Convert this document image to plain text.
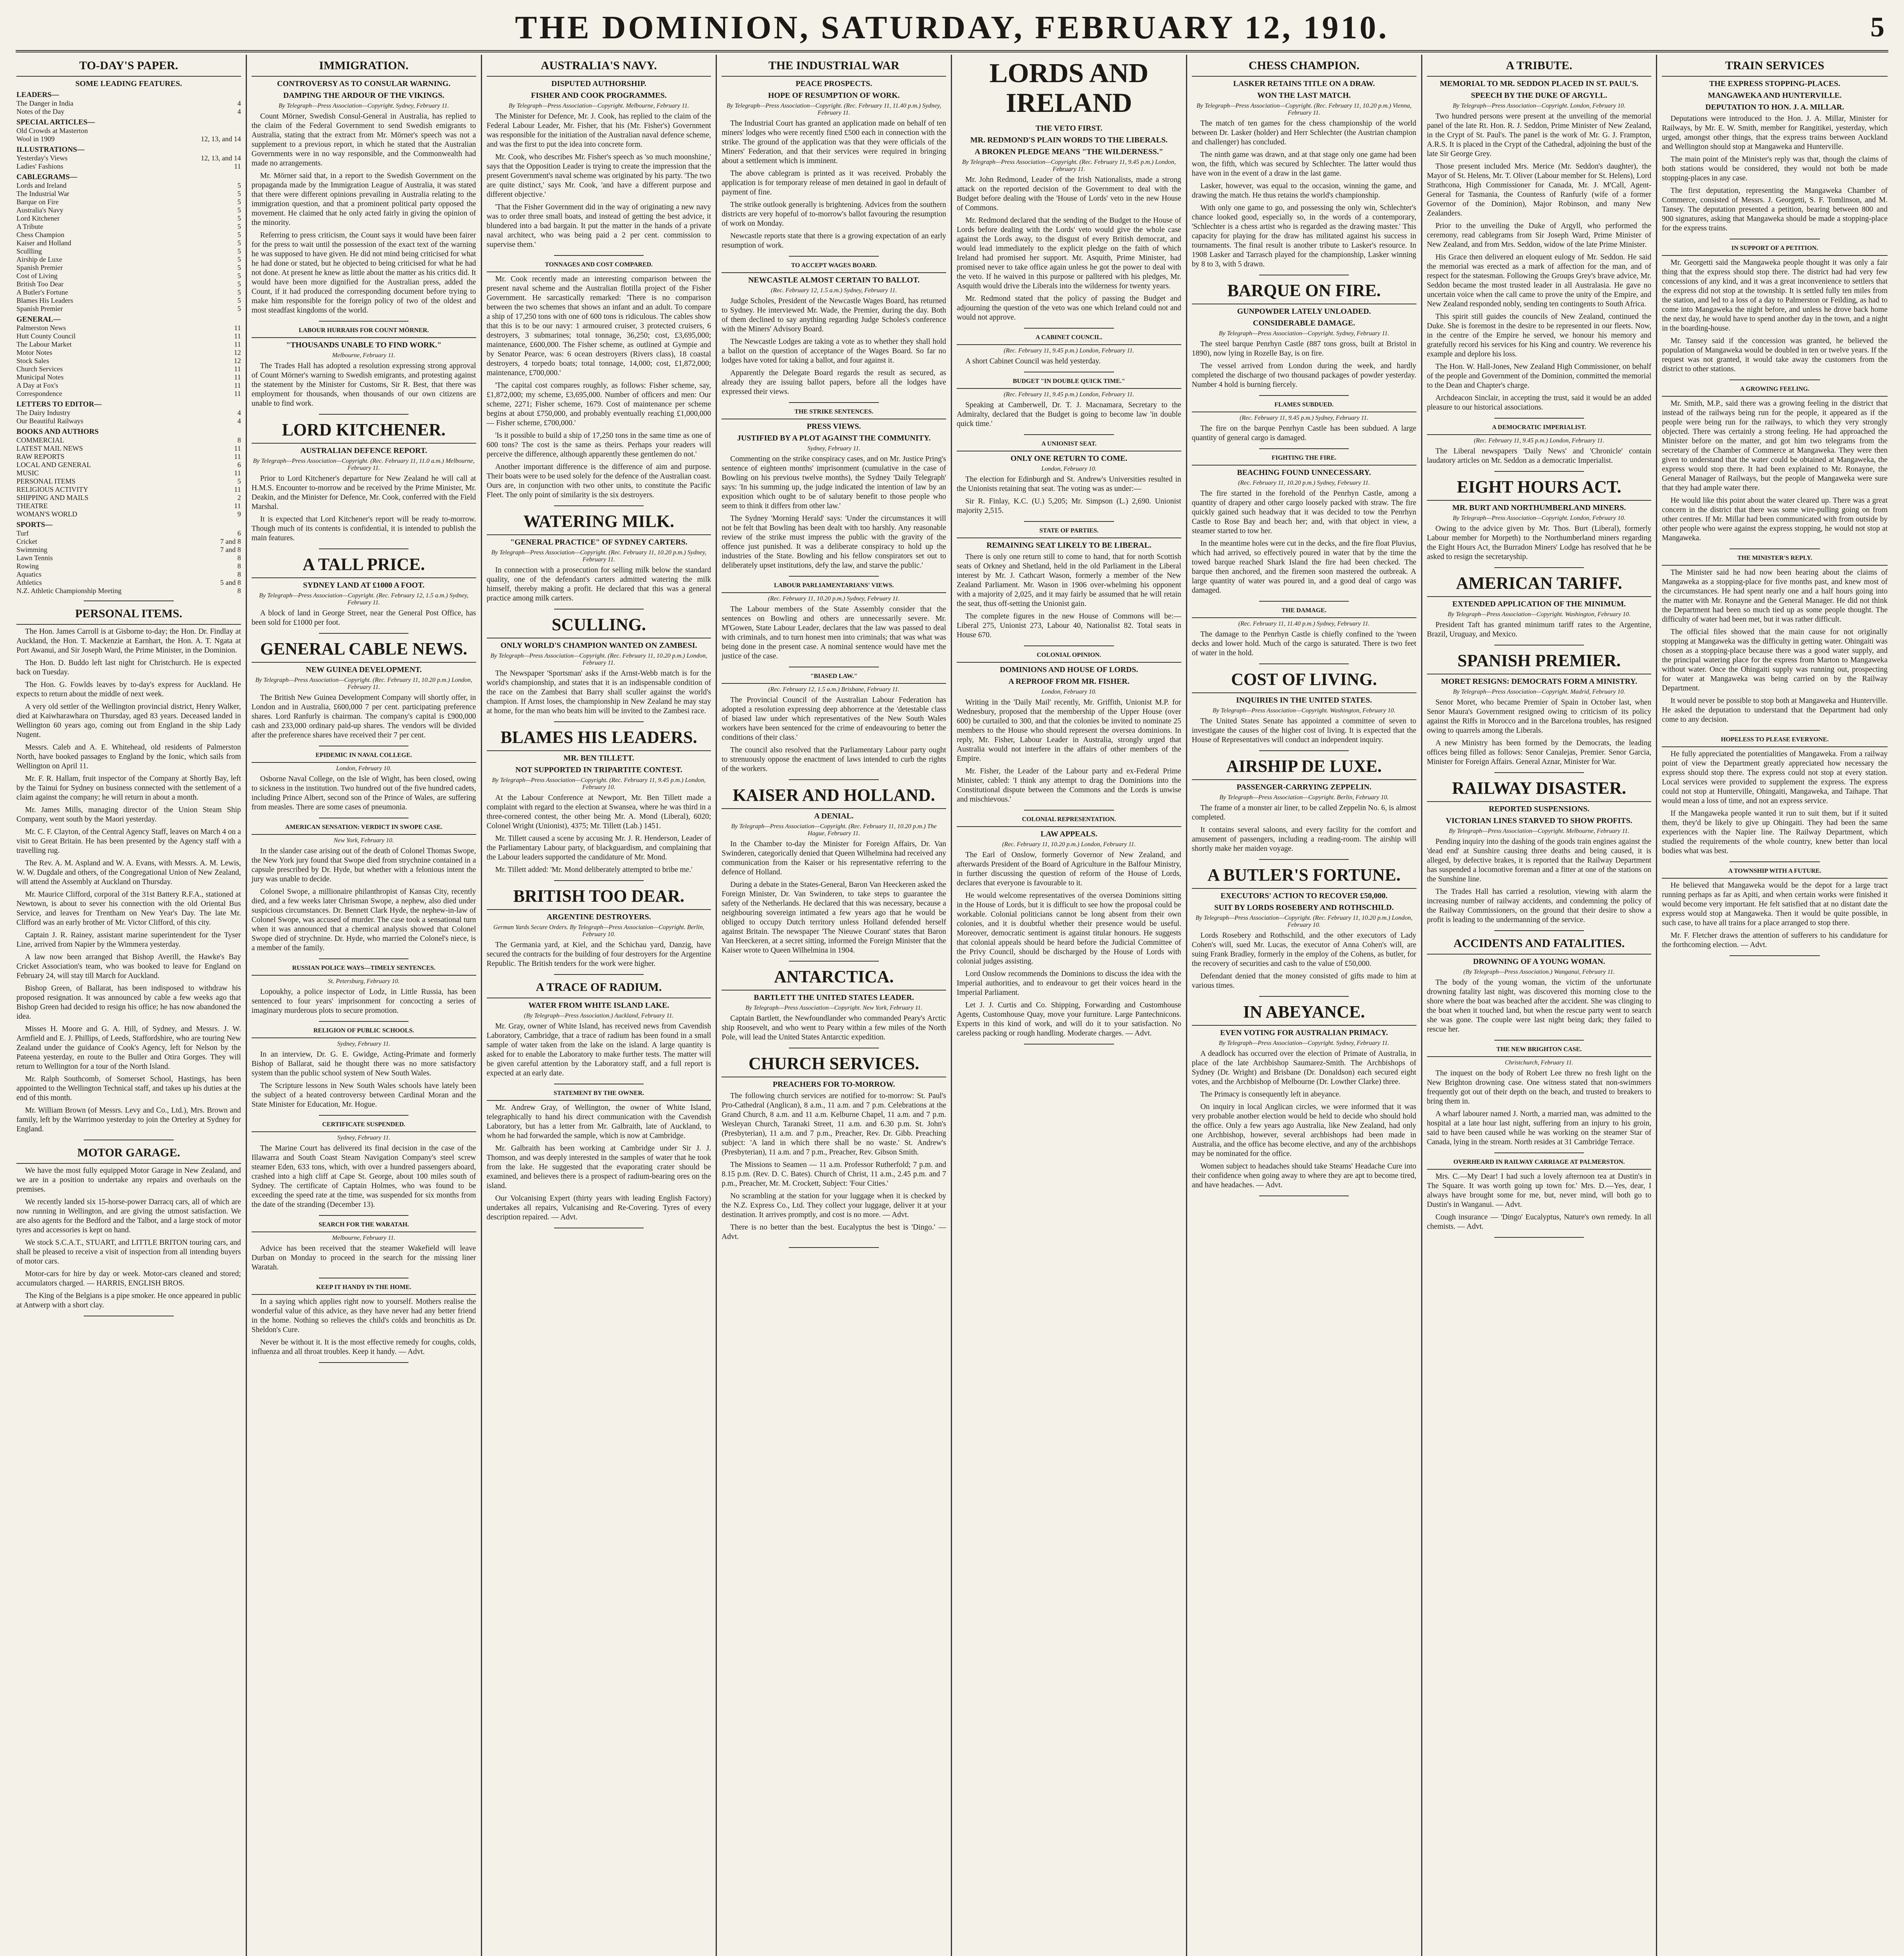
THE DOMINION, SATURDAY, FEBRUARY 12, 1910.	5
TO-DAY'S PAPER.
SOME LEADING FEATURES.
LEADERS—
The Danger in India	4
Notes of the Day	4
SPECIAL ARTICLES—
Old Crowds at Masterton
Wool in 1909	12, 13, and 14
ILLUSTRATIONS—
Yesterday's Views	12, 13, and 14
Ladies' Fashions	11
CABLEGRAMS—
Lords and Ireland	5
The Industrial War	5
Barque on Fire	5
Australia's Navy	5
Lord Kitchener	5
A Tribute	5
Chess Champion	5
Kaiser and Holland	5
Scullling	5
Airship de Luxe	5
Spanish Premier	5
Cost of Living	5
British Too Dear	5
A Butler's Fortune	5
Blames His Leaders	5
Spanish Premier	5
GENERAL—
Palmerston News	11
Hutt County Council	11
The Labour Market	11
Motor Notes	12
Stock Sales	12
Church Services	11
Municipal Notes	11
A Day at Fox's	11
Correspondence	11
LETTERS TO EDITOR—
The Dairy Industry	4
Our Beautiful Railways	4
BOOKS AND AUTHORS
COMMERCIAL	8
LATEST MAIL NEWS	11
RAW REPORTS	11
LOCAL AND GENERAL	6
MUSIC	11
PERSONAL ITEMS	5
RELIGIOUS ACTIVITY	11
SHIPPING AND MAILS	2
THEATRE	11
WOMAN'S WORLD	9
SPORTS—
Turf	6
Cricket	7 and 8
Swimming	7 and 8
Lawn Tennis	8
Rowing	8
Aquatics	8
Athletics	5 and 8
N.Z. Athletic Championship Meeting	8
PERSONAL ITEMS.

The Hon. James Carroll is at Gisborne to-day; the Hon. Dr. Findlay at Auckland, the Hon. T. Mackenzie at Earnhart, the Hon. A. T. Ngata at Port Awanui, and Sir Joseph Ward, the Prime Minister, in the Dominion.

The Hon. D. Buddo left last night for Christchurch. He is expected back on Tuesday.

The Hon. G. Fowlds leaves by to-day's express for Auckland. He expects to return about the middle of next week.

A very old settler of the Wellington provincial district, Henry Walker, died at Kaiwharawhara on Thursday, aged 83 years. Deceased landed in Wellington 60 years ago, coming out from England in the ship Lady Nugent.

Messrs. Caleb and A. E. Whitehead, old residents of Palmerston North, have booked passages to England by the Ionic, which sails from Wellington on April 11.

Mr. F. R. Hallam, fruit inspector of the Company at Shortly Bay, left by the Tainui for Sydney on business connected with the settlement of a claim against the company; he will return in about a month.

Mr. James Mills, managing director of the Union Steam Ship Company, went south by the Maori yesterday.

Mr. C. F. Clayton, of the Central Agency Staff, leaves on March 4 on a visit to Great Britain. He has been presented by the Agency staff with a travelling rug.

The Rev. A. M. Aspland and W. A. Evans, with Messrs. A. M. Lewis, W. W. Dugdale and others, of the Congregational Union of New Zealand, will attend the Assembly at Auckland on Thursday.

Mr. Maurice Clifford, corporal of the 31st Battery R.F.A., stationed at Newtown, is about to sever his connection with the old Oriental Bus Service, and leaves for Trentham on New Year's Day. The late Mr. Clifford was an early brother of Mr. Victor Clifford, of this city.

Captain J. R. Rainey, assistant marine superintendent for the Tyser Line, arrived from Napier by the Wimmera yesterday.

A law now been arranged that Bishop Averill, the Hawke's Bay Cricket Association's team, who was booked to leave for England on February 24, will stay till March for Auckland.

Bishop Green, of Ballarat, has been indisposed to withdraw his proposed resignation. It was announced by cable a few weeks ago that Bishop Green had decided to resign his office; he has now abandoned the idea.

Misses H. Moore and G. A. Hill, of Sydney, and Messrs. J. W. Armfield and E. J. Phillips, of Leeds, Staffordshire, who are touring New Zealand under the guidance of Cook's Agency, left for Nelson by the Pateena yesterday, en route to the Buller and Otira Gorges. They will return to Wellington for a tour of the North Island.

Mr. Ralph Southcomb, of Somerset School, Hastings, has been appointed to the Wellington Technical staff, and takes up his duties at the end of this month.

Mr. William Brown (of Messrs. Levy and Co., Ltd.), Mrs. Brown and family, left by the Warrimoo yesterday to join the Orterley at Sydney for England.

MOTOR GARAGE.

We have the most fully equipped Motor Garage in New Zealand, and we are in a position to undertake any repairs and overhauls on the premises.

We recently landed six 15-horse-power Darracq cars, all of which are now running in Wellington, and are giving the utmost satisfaction. We are also agents for the Bedford and the Talbot, and a large stock of motor tyres and accessories is kept on hand.

We stock S.C.A.T., STUART, and LITTLE BRITON touring cars, and shall be pleased to receive a visit of inspection from all intending buyers of motor cars.

Motor-cars for hire by day or week. Motor-cars cleaned and stored; accumulators charged. — HARRIS, ENGLISH BROS.

The King of the Belgians is a pipe smoker. He once appeared in public at Antwerp with a short clay.

IMMIGRATION.
CONTROVERSY AS TO CONSULAR WARNING.
DAMPING THE ARDOUR OF THE VIKINGS.
By Telegraph—Press Association—Copyright. Sydney, February 11.

Count Mörner, Swedish Consul-General in Australia, has replied to the claim of the Federal Government to send Swedish emigrants to Australia, stating that the extract from Mr. Mörner's speech was not a supplement to a previous report, in which he stated that the Australian Governments were in no way responsible, and the Commonwealth had made no arrangements.

Mr. Mörner said that, in a report to the Swedish Government on the propaganda made by the Immigration League of Australia, it was stated that there were different opinions prevailing in Australia relating to the immigration question, and that a prominent political party opposed the movement. He claimed that he only acted fairly in giving the opinion of the minority.

Referring to press criticism, the Count says it would have been fairer for the press to wait until the possession of the exact text of the warning he was supposed to have given. He did not mind being criticised for what he had done or stated, but he objected to being criticised for what he had not done. At present he knew as little about the matter as his critics did. It would have been more dignified for the Australian press, added the Count, if it had produced the corresponding document before trying to make him responsible for the foreign policy of two of the oldest and most steadfast kingdoms of the world.

LABOUR HURRAHS FOR COUNT MÖRNER.
"THOUSANDS UNABLE TO FIND WORK."
Melbourne, February 11.

The Trades Hall has adopted a resolution expressing strong approval of Count Mörner's warning to Swedish emigrants, and protesting against the statement by the Minister for Customs, Sir R. Best, that there was employment for thousands, when thousands of our own citizens are unable to find work.

LORD KITCHENER.
AUSTRALIAN DEFENCE REPORT.
By Telegraph—Press Association—Copyright. (Rec. February 11, 11.0 a.m.) Melbourne, February 11.

Prior to Lord Kitchener's departure for New Zealand he will call at H.M.S. Encounter to-morrow and be received by the Prime Minister, Mr. Deakin, and the Minister for Defence, Mr. Cook, conferred with the Field Marshal.

It is expected that Lord Kitchener's report will be ready to-morrow. Though much of its contents is confidential, it is intended to publish the main features.

A TALL PRICE.
SYDNEY LAND AT £1000 A FOOT.
By Telegraph—Press Association—Copyright. (Rec. February 12, 1.5 a.m.) Sydney, February 11.

A block of land in George Street, near the General Post Office, has been sold for £1000 per foot.

GENERAL CABLE NEWS.
NEW GUINEA DEVELOPMENT.
By Telegraph—Press Association—Copyright. (Rec. February 11, 10.20 p.m.) London, February 11.

The British New Guinea Development Company will shortly offer, in London and in Australia, £600,000 7 per cent. participating preference shares. Lord Ranfurly is chairman. The company's capital is £900,000 cash and 233,000 ordinary paid-up shares. The vendors will be divided after the preference shares have received their 7 per cent.

EPIDEMIC IN NAVAL COLLEGE.
London, February 10.

Osborne Naval College, on the Isle of Wight, has been closed, owing to sickness in the institution. Two hundred out of the five hundred cadets, including Prince Albert, second son of the Prince of Wales, are suffering from measles. There are some cases of pneumonia.

AMERICAN SENSATION: VERDICT IN SWOPE CASE.
New York, February 10.

In the slander case arising out of the death of Colonel Thomas Swope, the New York jury found that Swope died from strychnine contained in a capsule prescribed by Dr. Hyde, but whether with a felonious intent the jury was unable to decide.

Colonel Swope, a millionaire philanthropist of Kansas City, recently died, and a few weeks later Chrisman Swope, a nephew, also died under suspicious circumstances. Dr. Bennett Clark Hyde, the nephew-in-law of Colonel Swope, was accused of murder. The case took a sensational turn when it was announced that a chemical analysis showed that Colonel Swope died of strychnine. Dr. Hyde, who married the Colonel's niece, is a member of the family.

RUSSIAN POLICE WAYS—TIMELY SENTENCES.
St. Petersburg, February 10.

Lopoukhy, a police inspector of Lodz, in Little Russia, has been sentenced to four years' imprisonment for concocting a series of imaginary murderous plots to secure promotion.

RELIGION OF PUBLIC SCHOOLS.
Sydney, February 11.

In an interview, Dr. G. E. Gwidge, Acting-Primate and formerly Bishop of Ballarat, said he thought there was no more satisfactory system than the public school system of New South Wales.

The Scripture lessons in New South Wales schools have lately been the subject of a heated controversy between Cardinal Moran and the State Minister for Education, Mr. Hogue.

CERTIFICATE SUSPENDED.
Sydney, February 11.

The Marine Court has delivered its final decision in the case of the Illawarra and South Coast Steam Navigation Company's steel screw steamer Eden, 633 tons, which, with over a hundred passengers aboard, crashed into a high cliff at Cape St. George, about 100 miles south of Sydney. The certificate of Captain Holmes, who was found to be exceeding the speed rate at the time, was suspended for six months from the date of the stranding (December 13).

SEARCH FOR THE WARATAH.
Melbourne, February 11.

Advice has been received that the steamer Wakefield will leave Durban on Monday to proceed in the search for the missing liner Waratah.

KEEP IT HANDY IN THE HOME.

In a saying which applies right now to yourself. Mothers realise the wonderful value of this advice, as they have never had any better friend in the home. Nothing so relieves the child's colds and bronchitis as Dr. Sheldon's Cure.

Never be without it. It is the most effective remedy for coughs, colds, influenza and all throat troubles. Keep it handy. — Advt.

AUSTRALIA'S NAVY.
DISPUTED AUTHORSHIP.
FISHER AND COOK PROGRAMMES.
By Telegraph—Press Association—Copyright. Melbourne, February 11.

The Minister for Defence, Mr. J. Cook, has replied to the claim of the Federal Labour Leader, Mr. Fisher, that his (Mr. Fisher's) Government was responsible for the initiation of the Australian naval defence scheme, and was the first to put the idea into concrete form.

Mr. Cook, who describes Mr. Fisher's speech as 'so much moonshine,' says that the Opposition Leader is trying to create the impression that the present Government's naval scheme was originated by his party. 'The two are quite distinct,' says Mr. Cook, 'and have a different purpose and different objective.'

'That the Fisher Government did in the way of originating a new navy was to order three small boats, and instead of getting the best advice, it blundered into a bad bargain. It put the matter in the hands of a private naval architect, who was being paid a 2 per cent. commission to supervise them.'

TONNAGES AND COST COMPARED.

Mr. Cook recently made an interesting comparison between the present naval scheme and the Australian flotilla project of the Fisher Government. He sarcastically remarked: 'There is no comparison between the two schemes that shows an infant and an adult. To compare a ship of 17,250 tons with one of 600 tons is ridiculous. The cables show that this is to be our navy: 1 armoured cruiser, 3 protected cruisers, 6 destroyers, 3 submarines; total tonnage, 36,250; cost, £3,695,000; maintenance, £600,000. The Fisher scheme, as outlined at Gympie and by Senator Pearce, was: 6 ocean destroyers (Rivers class), 18 coastal destroyers, 4 torpedo boats; total tonnage, 14,000; cost, £1,872,000; maintenance, £700,000.'

'The capital cost compares roughly, as follows: Fisher scheme, say, £1,872,000; my scheme, £3,695,000. Number of officers and men: Our scheme, 2271; Fisher scheme, 1679. Cost of maintenance per scheme begins at about £750,000, and probably eventually reaching £1,000,000 — Fisher scheme, £700,000.'

'Is it possible to build a ship of 17,250 tons in the same time as one of 600 tons? The cost is the same as theirs. Perhaps your readers will perceive the difference, although apparently these gentlemen do not.'

Another important difference is the difference of aim and purpose. Their boats were to be used solely for the defence of the Australian coast. Ours are, in conjunction with two other units, to constitute the Pacific Fleet. The only point of similarity is the six destroyers.

WATERING MILK.
"GENERAL PRACTICE" OF SYDNEY CARTERS.
By Telegraph—Press Association—Copyright. (Rec. February 11, 10.20 p.m.) Sydney, February 11.

In connection with a prosecution for selling milk below the standard quality, one of the defendant's carters admitted watering the milk himself, thereby making a profit. He declared that this was a general practice among milk carters.

SCULLING.
ONLY WORLD'S CHAMPION WANTED ON ZAMBESI.
By Telegraph—Press Association—Copyright. (Rec. February 11, 10.20 p.m.) London, February 11.

The Newspaper 'Sportsman' asks if the Arnst-Webb match is for the world's championship, and states that it is an indispensable condition of the race on the Zambesi that Barry shall sculler against the world's champion. If Arnst loses, the championship in New Zealand he may stay at home, for the man who beats him will be invited to the Zambesi race.

BLAMES HIS LEADERS.
MR. BEN TILLETT.
NOT SUPPORTED IN TRIPARTITE CONTEST.
By Telegraph—Press Association—Copyright. (Rec. February 11, 9.45 p.m.) London, February 10.

At the Labour Conference at Newport, Mr. Ben Tillett made a complaint with regard to the election at Swansea, where he was third in a three-cornered contest, the other being Mr. A. Mond (Liberal), 6020; Colonel Wright (Unionist), 4375; Mr. Tillett (Lab.) 1451.

Mr. Tillett caused a scene by accusing Mr. J. R. Henderson, Leader of the Parliamentary Labour party, of blackguardism, and complaining that the Labour leaders supported the candidature of Mr. Mond.

Mr. Tillett added: 'Mr. Mond deliberately attempted to bribe me.'

BRITISH TOO DEAR.
ARGENTINE DESTROYERS.
German Yards Secure Orders. By Telegraph—Press Association—Copyright. Berlin, February 10.

The Germania yard, at Kiel, and the Schichau yard, Danzig, have secured the contracts for the building of four destroyers for the Argentine Republic. The British tenders for the work were higher.

A TRACE OF RADIUM.
WATER FROM WHITE ISLAND LAKE.
(By Telegraph—Press Association.) Auckland, February 11.

Mr. Gray, owner of White Island, has received news from Cavendish Laboratory, Cambridge, that a trace of radium has been found in a small sample of water taken from the lake on the island. A large quantity is asked for to enable the Laboratory to make further tests. The matter will be given careful attention by the Laboratory staff, and a full report is expected at an early date.

STATEMENT BY THE OWNER.

Mr. Andrew Gray, of Wellington, the owner of White Island, telegraphically to hand his direct communication with the Cavendish Laboratory, but has a letter from Mr. Galbraith, late of Auckland, to whom he had forwarded the sample, which is now at Cambridge.

Mr. Galbraith has been working at Cambridge under Sir J. J. Thomson, and was deeply interested in the samples of water that he took from the lake. He suggested that the evaporating crater should be examined, and believes there is a prospect of radium-bearing ores on the island.

Our Volcanising Expert (thirty years with leading English Factory) undertakes all repairs, Vulcanising and Re-Covering. Tyres of every description repaired. — Advt.

THE INDUSTRIAL WAR
PEACE PROSPECTS.
HOPE OF RESUMPTION OF WORK.
By Telegraph—Press Association—Copyright. (Rec. February 11, 11.40 p.m.) Sydney, February 11.

The Industrial Court has granted an application made on behalf of ten miners' lodges who were recently fined £500 each in connection with the strike. The ground of the application was that they were officials of the Miners' Federation, and that their services were required in bringing about a settlement which is imminent.

The above cablegram is printed as it was received. Probably the application is for temporary release of men detained in gaol in default of payment of fine.

The strike outlook generally is brightening. Advices from the southern districts are very hopeful of to-morrow's ballot favouring the resumption of work on Monday.

Newcastle reports state that there is a growing expectation of an early resumption of work.

TO ACCEPT WAGES BOARD.
NEWCASTLE ALMOST CERTAIN TO BALLOT.
(Rec. February 12, 1.5 a.m.) Sydney, February 11.

Judge Scholes, President of the Newcastle Wages Board, has returned to Sydney. He interviewed Mr. Wade, the Premier, during the day. Both of them declined to say anything regarding Judge Scholes's conference with the Miners' Advisory Board.

The Newcastle Lodges are taking a vote as to whether they shall hold a ballot on the question of acceptance of the Wages Board. So far no lodges have voted for taking a ballot, and four against it.

Apparently the Delegate Board regards the result as secured, as already they are issuing ballot papers, before all the lodges have expressed their views.

THE STRIKE SENTENCES.
PRESS VIEWS.
JUSTIFIED BY A PLOT AGAINST THE COMMUNITY.
Sydney, February 11.

Commenting on the strike conspiracy cases, and on Mr. Justice Pring's sentence of eighteen months' imprisonment (cumulative in the case of Bowling on his previous twelve months), the Sydney 'Daily Telegraph' says: 'In his summing up, the judge indicated the intention of law by an exposition which ought to be of salutary benefit to those people who seem to think it differs from other law.'

The Sydney 'Morning Herald' says: 'Under the circumstances it will not be felt that Bowling has been dealt with too harshly. Any reasonable review of the strike must impress the public with the gravity of the offence just punished. It was a deliberate conspiracy to hold up the industries of the State. Bowling and his fellow conspirators set out to deliberately upset institutions, defy the law, and starve the public.'

LABOUR PARLIAMENTARIANS' VIEWS.
(Rec. February 11, 10.20 p.m.) Sydney, February 11.

The Labour members of the State Assembly consider that the sentences on Bowling and others are unnecessarily severe. Mr. M'Gowen, State Labour Leader, declares that the law was passed to deal with criminals, and to turn honest men into criminals; that was what was being done in the present case. A nominal sentence would have met the justice of the case.

"BIASED LAW."
(Rec. February 12, 1.5 a.m.) Brisbane, February 11.

The Provincial Council of the Australian Labour Federation has adopted a resolution expressing deep abhorrence at the 'detestable class of biased law under which representatives of the New South Wales workers have been sentenced for the crime of endeavouring to better the conditions of their class.'

The council also resolved that the Parliamentary Labour party ought to strenuously oppose the enactment of laws intended to curb the rights of the workers.

KAISER AND HOLLAND.
A DENIAL.
By Telegraph—Press Association—Copyright. (Rec. February 11, 10.20 p.m.) The Hague, February 11.

In the Chamber to-day the Minister for Foreign Affairs, Dr. Van Swinderen, categorically denied that Queen Wilhelmina had received any communication from the Kaiser or his representative referring to the defence of Holland.

During a debate in the States-General, Baron Van Heeckeren asked the Foreign Minister, Dr. Van Swinderen, to take steps to guarantee the safety of the Netherlands. He declared that this was necessary, because a neighbouring sovereign intimated a few years ago that he would be obliged to occupy Dutch territory unless Holland defended herself against Britain. The newspaper 'The Nieuwe Courant' states that Baron Van Heeckeren, at a secret sitting, informed the Foreign Minister that the Kaiser wrote to Queen Wilhelmina in 1904.

ANTARCTICA.
BARTLETT THE UNITED STATES LEADER.
By Telegraph—Press Association—Copyright. New York, February 11.

Captain Bartlett, the Newfoundlander who commanded Peary's Arctic ship Roosevelt, and who went to Peary within a few miles of the North Pole, will lead the United States Antarctic expedition.

CHURCH SERVICES.
PREACHERS FOR TO-MORROW.

The following church services are notified for to-morrow: St. Paul's Pro-Cathedral (Anglican), 8 a.m., 11 a.m. and 7 p.m. Celebrations at the Grand Church, 8 a.m. and 11 a.m. Kelburne Chapel, 11 a.m. and 7 p.m. Wesleyan Church, Taranaki Street, 11 a.m. and 6.30 p.m. St. John's (Presbyterian), 11 a.m. and 7 p.m., Preacher, Rev. Dr. Gibb. Preaching subject: 'A land in which there shall be no waste.' St. Andrew's (Presbyterian), 11 a.m. and 7 p.m., Preacher, Rev. Gibson Smith.

The Missions to Seamen — 11 a.m. Professor Rutherfold; 7 p.m. and 8.15 p.m. (Rev. D. C. Bates). Church of Christ, 11 a.m., 2.45 p.m. and 7 p.m., Preacher, Mr. M. Crockett, Subject: 'Four Cities.'

No scrambling at the station for your luggage when it is checked by the N.Z. Express Co., Ltd. They collect your luggage, deliver it at your destination. It arrives promptly, and cost is no more. — Advt.

There is no better than the best. Eucalyptus the best is 'Dingo.' — Advt.

LORDS AND IRELAND
THE VETO FIRST.
MR. REDMOND'S PLAIN WORDS TO THE LIBERALS.
A BROKEN PLEDGE MEANS "THE WILDERNESS."
By Telegraph—Press Association—Copyright. (Rec. February 11, 9.45 p.m.) London, February 11.

Mr. John Redmond, Leader of the Irish Nationalists, made a strong attack on the reported decision of the Government to deal with the Budget before dealing with the 'House of Lords' veto in the new House of Commons.

Mr. Redmond declared that the sending of the Budget to the House of Lords before dealing with the Lords' veto would give the whole case against the Lords away, to the disgust of every British democrat, and would lead immediately to the explicit pledge on the faith of which Ireland had promised her support. Mr. Asquith, Prime Minister, had promised never to take office again unless he got the power to deal with the veto. If he waived in this purpose or palltered with his pledges, Mr. Asquith would drive the Liberals into the wilderness for twenty years.

Mr. Redmond stated that the policy of passing the Budget and adjourning the question of the veto was one which Ireland could not and would not approve.

A CABINET COUNCIL.
(Rec. February 11, 9.45 p.m.) London, February 11.

A short Cabinet Council was held yesterday.

BUDGET "IN DOUBLE QUICK TIME."
(Rec. February 11, 9.45 p.m.) London, February 11.

Speaking at Camberwell, Dr. T. J. Macnamara, Secretary to the Admiralty, declared that the Budget is going to become law 'in double quick time.'

A UNIONIST SEAT.
ONLY ONE RETURN TO COME.
London, February 10.

The election for Edinburgh and St. Andrew's Universities resulted in the Unionists retaining that seat. The voting was as under:—

Sir R. Finlay, K.C. (U.) 5,205; Mr. Simpson (L.) 2,690. Unionist majority 2,515.

STATE OF PARTIES.
REMAINING SEAT LIKELY TO BE LIBERAL.

There is only one return still to come to hand, that for north Scottish seats of Orkney and Shetland, held in the old Parliament in the Liberal interest by Mr. J. Cathcart Wason, formerly a member of the New Zealand Parliament. Mr. Wason in 1906 over-whelming his opponent with a majority of 2,025, and it may fairly be assumed that he will retain the seat, thus off-setting the Unionist gain.

The complete figures in the new House of Commons will be:— Liberal 275, Unionist 273, Labour 40, Nationalist 82. Total seats in House 670.

COLONIAL OPINION.
DOMINIONS AND HOUSE OF LORDS.
A REPROOF FROM MR. FISHER.
London, February 10.

Writing in the 'Daily Mail' recently, Mr. Griffith, Unionist M.P. for Wednesbury, proposed that the membership of the Upper House (over 600) be curtailed to 300, and that the colonies be invited to nominate 25 members to the House who should represent the oversea dominions. In reply, Mr. Fisher, Labour Leader in Australia, strongly urged that Australia would not interfere in the affairs of other members of the Empire.

Mr. Fisher, the Leader of the Labour party and ex-Federal Prime Minister, cabled: 'I think any attempt to drag the Dominions into the Constitutional dispute between the Commons and the Lords is unwise and mischievous.'

COLONIAL REPRESENTATION.
LAW APPEALS.
(Rec. February 11, 10.20 p.m.) London, February 11.

The Earl of Onslow, formerly Governor of New Zealand, and afterwards President of the Board of Agriculture in the Balfour Ministry, in further discussing the question of reform of the House of Lords, declares that everyone is favourable to it.

He would welcome representatives of the oversea Dominions sitting in the House of Lords, but it is difficult to see how the proposal could be workable. Colonial politicians cannot be long absent from their own colonies, and it is doubtful whether their presence would be useful. Moreover, democratic sentiment is against titular honours. He suggests that colonial appeals should be heard before the Judicial Committee of the Privy Council, should be discharged by the House of Lords with colonial judges assisting.

Lord Onslow recommends the Dominions to discuss the idea with the Imperial authorities, and to endeavour to get their voices heard in the Imperial Parliament.

Let J. J. Curtis and Co. Shipping, Forwarding and Customhouse Agents, Customhouse Quay, move your furniture. Large Pantechnicons. Experts in this kind of work, and will do it to your satisfaction. No careless packing or rough handling. Moderate charges. — Advt.

CHESS CHAMPION.
LASKER RETAINS TITLE ON A DRAW.
WON THE LAST MATCH.
By Telegraph—Press Association—Copyright. (Rec. February 11, 10.20 p.m.) Vienna, February 11.

The match of ten games for the chess championship of the world between Dr. Lasker (holder) and Herr Schlechter (the Austrian champion and challenger) has concluded.

The ninth game was drawn, and at that stage only one game had been won, the fifth, which was secured by Schlechter. The latter would thus have won in the event of a draw in the last game.

Lasker, however, was equal to the occasion, winning the game, and drawing the match. He thus retains the world's championship.

With only one game to go, and possessing the only win, Schlechter's chance looked good, especially so, in the words of a contemporary, 'Schlechter is a chess artist who is regarded as the drawing master.' This capacity for playing for the draw has militated against his success in tournaments. The final result is another tribute to Lasker's resource. In 1908 Lasker and Tarrasch played for the championship, Lasker winning by 8 to 3, with 5 drawn.

BARQUE ON FIRE.
GUNPOWDER LATELY UNLOADED.
CONSIDERABLE DAMAGE.
By Telegraph—Press Association—Copyright. Sydney, February 11.

The steel barque Penrhyn Castle (887 tons gross, built at Bristol in 1890), now lying in Rozelle Bay, is on fire.

The vessel arrived from London during the week, and hardly completed the discharge of two thousand packages of powder yesterday. Number 4 hold is burning fiercely.

FLAMES SUBDUED.
(Rec. February 11, 9.45 p.m.) Sydney, February 11.

The fire on the barque Penrhyn Castle has been subdued. A large quantity of general cargo is damaged.

FIGHTING THE FIRE.
BEACHING FOUND UNNECESSARY.
(Rec. February 11, 10.20 p.m.) Sydney, February 11.

The fire started in the forehold of the Penrhyn Castle, among a quantity of drapery and other cargo loosely packed with straw. The fire quickly gained such headway that it was decided to tow the Penrhyn Castle to Rose Bay and beach her; and, with that object in view, a steamer started to tow her.

In the meantime holes were cut in the decks, and the fire float Pluvius, which had arrived, so effectively poured in water that by the time the towed barque reached Shark Island the fire had been checked. The barque then anchored, and the firemen soon mastered the outbreak. A large quantity of water was poured in, and a good deal of cargo was damaged.

THE DAMAGE.
(Rec. February 11, 11.40 p.m.) Sydney, February 11.

The damage to the Penrhyn Castle is chiefly confined to the 'tween decks and lower hold. Much of the cargo is saturated. There is two feet of water in the hold.

COST OF LIVING.
INQUIRIES IN THE UNITED STATES.
By Telegraph—Press Association—Copyright. Washington, February 10.

The United States Senate has appointed a committee of seven to investigate the causes of the higher cost of living. It is expected that the House of Representatives will conduct an independent inquiry.

AIRSHIP DE LUXE.
PASSENGER-CARRYING ZEPPELIN.
By Telegraph—Press Association—Copyright. Berlin, February 10.

The frame of a monster air liner, to be called Zeppelin No. 6, is almost completed.

It contains several saloons, and every facility for the comfort and amusement of passengers, including a reading-room. The airship will shortly make her maiden voyage.

A BUTLER'S FORTUNE.
EXECUTORS' ACTION TO RECOVER £50,000.
SUIT BY LORDS ROSEBERY AND ROTHSCHILD.
By Telegraph—Press Association—Copyright. (Rec. February 11, 10.20 p.m.) London, February 10.

Lords Rosebery and Rothschild, and the other executors of Lady Cohen's will, sued Mr. Lucas, the executor of Anna Cohen's will, are suing Frank Bradley, formerly in the employ of the Cohens, as butler, for the recovery of securities and cash to the value of £50,000.

Defendant denied that the money consisted of gifts made to him at various times.

IN ABEYANCE.
EVEN VOTING FOR AUSTRALIAN PRIMACY.
By Telegraph—Press Association—Copyright. Sydney, February 11.

A deadlock has occurred over the election of Primate of Australia, in place of the late Archbishop Saumarez-Smith. The Archbishops of Sydney (Dr. Wright) and Brisbane (Dr. Donaldson) each secured eight votes, and the Archbishop of Melbourne (Dr. Lowther Clarke) three.

The Primacy is consequently left in abeyance.

On inquiry in local Anglican circles, we were informed that it was very probable another election would be held to decide who should hold the office. Only a few years ago Australia, like New Zealand, had only one Archbishop, however, several archbishops had been made in Australia, and the office has become elective, and any of the archbishops may be nominated for the office.

Women subject to headaches should take Steams' Headache Cure into their confidence when going away to where they are apt to become tired, and have headaches. — Advt.

A TRIBUTE.
MEMORIAL TO MR. SEDDON PLACED IN ST. PAUL'S.
SPEECH BY THE DUKE OF ARGYLL.
By Telegraph—Press Association—Copyright. London, February 10.

Two hundred persons were present at the unveiling of the memorial panel of the late Rt. Hon. R. J. Seddon, Prime Minister of New Zealand, in the Crypt of St. Paul's. The panel is the work of Mr. G. J. Frampton, A.R.S. It is placed in the Crypt of the Cathedral, adjoining the bust of the late Sir George Grey.

Those present included Mrs. Merice (Mr. Seddon's daughter), the Mayor of St. Helens, Mr. T. Oliver (Labour member for St. Helens), Lord Strathcona, High Commissioner for Canada, Mr. J. M'Call, Agent-General for Tasmania, the Countess of Ranfurly (wife of a former Governor of the Dominion), Major Robinson, and many New Zealanders.

Prior to the unveiling the Duke of Argyll, who performed the ceremony, read cablegrams from Sir Joseph Ward, Prime Minister of New Zealand, and from Mrs. Seddon, widow of the late Prime Minister.

His Grace then delivered an eloquent eulogy of Mr. Seddon. He said the memorial was erected as a mark of affection for the man, and of respect for the statesman. Following the Groups Grey's brave advice, Mr. Seddon became the most trusted leader in all Australasia. He gave no uncertain voice when the call came to prove the unity of the Empire, and New Zealand responded nobly, sending ten contingents to South Africa.

This spirit still guides the councils of New Zealand, continued the Duke. She is foremost in the desire to be represented in our fleets. Now, in the centre of the Empire he served, we honour his memory and gratefully record his services for his King and country. We reverence his example and deplore his loss.

The Hon. W. Hall-Jones, New Zealand High Commissioner, on behalf of the people and Government of the Dominion, committed the memorial to the Dean and Chapter's charge.

Archdeacon Sinclair, in accepting the trust, said it would be an added pleasure to our historical associations.

A DEMOCRATIC IMPERIALIST.
(Rec. February 11, 9.45 p.m.) London, February 11.

The Liberal newspapers 'Daily News' and 'Chronicle' contain laudatory articles on Mr. Seddon as a democratic Imperialist.

EIGHT HOURS ACT.
MR. BURT AND NORTHUMBERLAND MINERS.
By Telegraph—Press Association—Copyright. London, February 10.

Owing to the advice given by Mr. Thos. Burt (Liberal), formerly Labour member for Morpeth) to the Northumberland miners regarding the Eight Hours Act, the Burradon Miners' Lodge has resolved that he be asked to resign the secretaryship.

AMERICAN TARIFF.
EXTENDED APPLICATION OF THE MINIMUM.
By Telegraph—Press Association—Copyright. Washington, February 10.

President Taft has granted minimum tariff rates to the Argentine, Brazil, Uruguay, and Mexico.

SPANISH PREMIER.
MORET RESIGNS: DEMOCRATS FORM A MINISTRY.
By Telegraph—Press Association—Copyright. Madrid, February 10.

Senor Moret, who became Premier of Spain in October last, when Senor Maura's Government resigned owing to criticism of its policy against the Riffs in Morocco and in the Barcelona troubles, has resigned owing to quarrels among the Liberals.

A new Ministry has been formed by the Democrats, the leading offices being filled as follows: Senor Canalejas, Premier. Senor Garcia, Minister for Foreign Affairs. General Aznar, Minister for War.

RAILWAY DISASTER.
REPORTED SUSPENSIONS.
VICTORIAN LINES STARVED TO SHOW PROFITS.
By Telegraph—Press Association—Copyright. Melbourne, February 11.

Pending inquiry into the dashing of the goods train engines against the 'dead end' at Sunshire causing three deaths and being caused, it is alleged, by defective brakes, it is reported that the Railway Department has suspended a locomotive foreman and a fitter at one of the stations on the Sunshine line.

The Trades Hall has carried a resolution, viewing with alarm the increasing number of railway accidents, and condemning the policy of the Railway Commissioners, on the ground that their desire to show a profit is leading to the undermanning of the service.

ACCIDENTS AND FATALITIES.
DROWNING OF A YOUNG WOMAN.
(By Telegraph—Press Association.) Wanganui, February 11.

The body of the young woman, the victim of the unfortunate drowning fatality last night, was discovered this morning close to the shore where the boat was beached after the accident. She was clinging to the boat when it touched land, but when the rescue party went to search she was gone. The couple were last night being dark; they failed to rescue her.

THE NEW BRIGHTON CASE.
Christchurch, February 11.

The inquest on the body of Robert Lee threw no fresh light on the New Brighton drowning case. One witness stated that non-swimmers frequently got out of their depth on the beach, and trusted to breakers to bring them in.

A wharf labourer named J. North, a married man, was admitted to the hospital at a late hour last night, suffering from an injury to his groin, said to have been caused while he was working on the steamer Star of Canada, lying in the stream. North resides at 31 Cambridge Terrace.

OVERHEARD IN RAILWAY CARRIAGE AT PALMERSTON.

Mrs. C.—My Dear! I had such a lovely afternoon tea at Dustin's in The Square. It was worth going up town for.' Mrs. D.—Yes, dear, I always have brought some for me, but, never mind, will both go to Dustin's in Wanganui. — Advt.

Cough insurance — 'Dingo' Eucalyptus, Nature's own remedy. In all chemists. — Advt.

TRAIN SERVICES
THE EXPRESS STOPPING-PLACES.
MANGAWEKA AND HUNTERVILLE.
DEPUTATION TO HON. J. A. MILLAR.

Deputations were introduced to the Hon. J. A. Millar, Minister for Railways, by Mr. E. W. Smith, member for Rangitikei, yesterday, which urged, amongst other things, that the express trains between Auckland and Wellington should stop at Mangaweka and Hunterville.

The main point of the Minister's reply was that, though the claims of both stations would be considered, they would not both be made stopping-places in any case.

The first deputation, representing the Mangaweka Chamber of Commerce, consisted of Messrs. J. Georgetti, S. F. Tomlinson, and M. Tansey. The deputation presented a petition, bearing between 800 and 900 signatures, asking that Mangaweka should be made a stopping-place for the express trains.

IN SUPPORT OF A PETITION.

Mr. Georgetti said the Mangaweka people thought it was only a fair thing that the express should stop there. The district had had very few concessions of any kind, and it was a great inconvenience to settlers that the express did not stop at the township. It is settled fully ten miles from the station, and led to a loss of a day to Palmerston or Feilding, as had to come into Mangaweka the night before, and unless he drove back home the next day, he would have to spend another day in the town, and a night in the boarding-house.

Mr. Tansey said if the concession was granted, he believed the population of Mangaweka would be doubled in ten or twelve years. If the request was not granted, it would take away the customers from the district to other stations.

A GROWING FEELING.

Mr. Smith, M.P., said there was a growing feeling in the district that instead of the railways being run for the people, it appeared as if the people were being run for the railways, to which they very strongly objected. There was certainly a strong feeling. He had approached the Minister before on the matter, and got him two telegrams from the secretary of the Chamber of Commerce at Mangaweka. They were then given to understand that the water could be obtained at Mangaweka, the express would stop there. It had been explained to Mr. Ronayne, the General Manager of Railways, but the people of Mangaweka were sure that they had ample water there.

He would like this point about the water cleared up. There was a great concern in the district that there was some wire-pulling going on from other centres. If Mr. Millar had been communicated with from outside by other people who were against the express stopping, he would not stop at Mangaweka.

THE MINISTER'S REPLY.

The Minister said he had now been hearing about the claims of Mangaweka as a stopping-place for five months past, and knew most of the circumstances. He had spent nearly one and a half hours going into the matter with Mr. Ronayne and the General Manager. He did not think the Department had been so much tied up as some people thought. The difficulty of water had been met, but it was rather difficult.

The official files showed that the main cause for not originally stopping at Mangaweka was the difficulty in getting water. Ohingaiti was chosen as a stopping-place because there was a good water supply, and the principal watering place for the express from Marton to Mangaweka without water. Once the Ohingaiti supply was running out, prospecting for water at Mangaweka was being carried on by the Railway Department.

It would never be possible to stop both at Mangaweka and Hunterville. He asked the deputation to understand that the Department had only come to any decision.

HOPELESS TO PLEASE EVERYONE.

He fully appreciated the potentialities of Mangaweka. From a railway point of view the Department greatly appreciated how necessary the express should stop there. The express could not stop at every station. Local services were provided to supplement the express. The express could not stop at Hunterville, Ohingaiti, Mangaweka, and Taihape. That would mean a loss of time, and not an express service.

If the Mangaweka people wanted it run to suit them, but if it suited them, they'd be likely to give up Ohingaiti. They had been the same experiences with the Napier line. The Railway Department, which studied the requirements of the whole country, knew better than local bodies what was best.

A TOWNSHIP WITH A FUTURE.

He believed that Mangaweka would be the depot for a large tract running perhaps as far as Apiti, and when certain works were finished it would become very important. He felt satisfied that at no distant date the express would stop at Mangaweka. Then it would be quite possible, in such case, to have all trains for a place arranged to stop there.

Mr. F. Fletcher draws the attention of sufferers to his candidature for the forthcoming election. — Advt.
